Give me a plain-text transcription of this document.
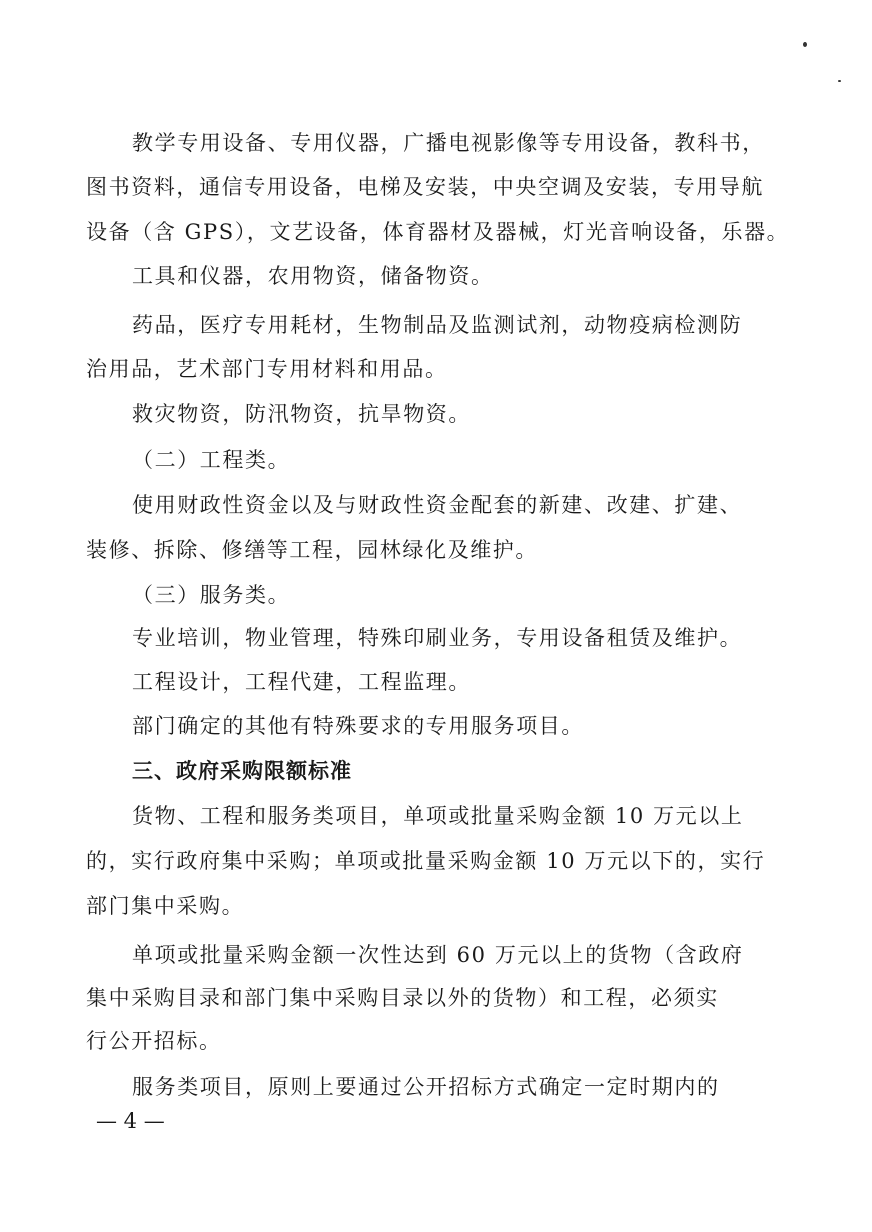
教学专用设备、专用仪器，广播电视影像等专用设备，教科书，
图书资料，通信专用设备，电梯及安装，中央空调及安装，专用导航
设备（含 GPS），文艺设备，体育器材及器械，灯光音响设备，乐器。
工具和仪器，农用物资，储备物资。
药品，医疗专用耗材，生物制品及监测试剂，动物疫病检测防
治用品，艺术部门专用材料和用品。
救灾物资，防汛物资，抗旱物资。
（二）工程类。
使用财政性资金以及与财政性资金配套的新建、改建、扩建、
装修、拆除、修缮等工程，园林绿化及维护。
（三）服务类。
专业培训，物业管理，特殊印刷业务，专用设备租赁及维护。
工程设计，工程代建，工程监理。
部门确定的其他有特殊要求的专用服务项目。
三、政府采购限额标准
货物、工程和服务类项目，单项或批量采购金额 10 万元以上
的，实行政府集中采购；单项或批量采购金额 10 万元以下的，实行
部门集中采购。
单项或批量采购金额一次性达到 60 万元以上的货物（含政府
集中采购目录和部门集中采购目录以外的货物）和工程，必须实
行公开招标。
服务类项目，原则上要通过公开招标方式确定一定时期内的
— 4 —
